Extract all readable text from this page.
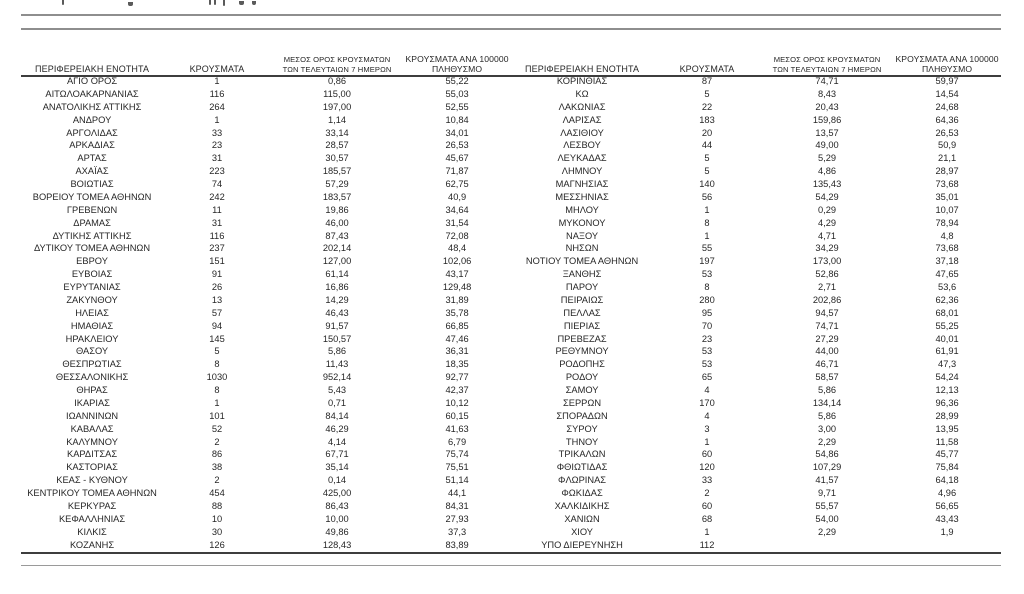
ΠΕΡΙΦΕΡΕΙΑΚΗ ΕΝΟΤΗΤΑ	ΚΡΟΥΣΜΑΤΑ
ΜΕΣΟΣ ΟΡΟΣ ΚΡΟΥΣΜΑΤΩΝ
ΤΩΝ ΤΕΛΕΥΤΑΙΩΝ 7 ΗΜΕΡΩΝ
ΚΡΟΥΣΜΑΤΑ ΑΝΑ 100000
ΠΛΗΘΥΣΜΟ
ΑΓΙΟ ΟΡΟΣ	1	0,86	55,22
ΑΙΤΩΛΟΑΚΑΡΝΑΝΙΑΣ	116	115,00	55,03
ΑΝΑΤΟΛΙΚΗΣ ΑΤΤΙΚΗΣ	264	197,00	52,55
ΑΝΔΡΟΥ	1	1,14	10,84
ΑΡΓΟΛΙΔΑΣ	33	33,14	34,01
ΑΡΚΑΔΙΑΣ	23	28,57	26,53
ΑΡΤΑΣ	31	30,57	45,67
ΑΧΑΪΑΣ	223	185,57	71,87
ΒΟΙΩΤΙΑΣ	74	57,29	62,75
ΒΟΡΕΙΟΥ ΤΟΜΕΑ ΑΘΗΝΩΝ	242	183,57	40,9
ΓΡΕΒΕΝΩΝ	11	19,86	34,64
ΔΡΑΜΑΣ	31	46,00	31,54
ΔΥΤΙΚΗΣ ΑΤΤΙΚΗΣ	116	87,43	72,08
ΔΥΤΙΚΟΥ ΤΟΜΕΑ ΑΘΗΝΩΝ	237	202,14	48,4
ΕΒΡΟΥ	151	127,00	102,06
ΕΥΒΟΙΑΣ	91	61,14	43,17
ΕΥΡΥΤΑΝΙΑΣ	26	16,86	129,48
ΖΑΚΥΝΘΟΥ	13	14,29	31,89
ΗΛΕΙΑΣ	57	46,43	35,78
ΗΜΑΘΙΑΣ	94	91,57	66,85
ΗΡΑΚΛΕΙΟΥ	145	150,57	47,46
ΘΑΣΟΥ	5	5,86	36,31
ΘΕΣΠΡΩΤΙΑΣ	8	11,43	18,35
ΘΕΣΣΑΛΟΝΙΚΗΣ	1030	952,14	92,77
ΘΗΡΑΣ	8	5,43	42,37
ΙΚΑΡΙΑΣ	1	0,71	10,12
ΙΩΑΝΝΙΝΩΝ	101	84,14	60,15
ΚΑΒΑΛΑΣ	52	46,29	41,63
ΚΑΛΥΜΝΟΥ	2	4,14	6,79
ΚΑΡΔΙΤΣΑΣ	86	67,71	75,74
ΚΑΣΤΟΡΙΑΣ	38	35,14	75,51
ΚΕΑΣ - ΚΥΘΝΟΥ	2	0,14	51,14
ΚΕΝΤΡΙΚΟΥ ΤΟΜΕΑ ΑΘΗΝΩΝ	454	425,00	44,1
ΚΕΡΚΥΡΑΣ	88	86,43	84,31
ΚΕΦΑΛΛΗΝΙΑΣ	10	10,00	27,93
ΚΙΛΚΙΣ	30	49,86	37,3
ΚΟΖΑΝΗΣ	126	128,43	83,89
ΠΕΡΙΦΕΡΕΙΑΚΗ ΕΝΟΤΗΤΑ	ΚΡΟΥΣΜΑΤΑ
ΜΕΣΟΣ ΟΡΟΣ ΚΡΟΥΣΜΑΤΩΝ
ΤΩΝ ΤΕΛΕΥΤΑΙΩΝ 7 ΗΜΕΡΩΝ
ΚΡΟΥΣΜΑΤΑ ΑΝΑ 100000
ΠΛΗΘΥΣΜΟ
ΚΟΡΙΝΘΙΑΣ	87	74,71	59,97
ΚΩ	5	8,43	14,54
ΛΑΚΩΝΙΑΣ	22	20,43	24,68
ΛΑΡΙΣΑΣ	183	159,86	64,36
ΛΑΣΙΘΙΟΥ	20	13,57	26,53
ΛΕΣΒΟΥ	44	49,00	50,9
ΛΕΥΚΑΔΑΣ	5	5,29	21,1
ΛΗΜΝΟΥ	5	4,86	28,97
ΜΑΓΝΗΣΙΑΣ	140	135,43	73,68
ΜΕΣΣΗΝΙΑΣ	56	54,29	35,01
ΜΗΛΟΥ	1	0,29	10,07
ΜΥΚΟΝΟΥ	8	4,29	78,94
ΝΑΞΟΥ	1	4,71	4,8
ΝΗΣΩΝ	55	34,29	73,68
ΝΟΤΙΟΥ ΤΟΜΕΑ ΑΘΗΝΩΝ	197	173,00	37,18
ΞΑΝΘΗΣ	53	52,86	47,65
ΠΑΡΟΥ	8	2,71	53,6
ΠΕΙΡΑΙΩΣ	280	202,86	62,36
ΠΕΛΛΑΣ	95	94,57	68,01
ΠΙΕΡΙΑΣ	70	74,71	55,25
ΠΡΕΒΕΖΑΣ	23	27,29	40,01
ΡΕΘΥΜΝΟΥ	53	44,00	61,91
ΡΟΔΟΠΗΣ	53	46,71	47,3
ΡΟΔΟΥ	65	58,57	54,24
ΣΑΜΟΥ	4	5,86	12,13
ΣΕΡΡΩΝ	170	134,14	96,36
ΣΠΟΡΑΔΩΝ	4	5,86	28,99
ΣΥΡΟΥ	3	3,00	13,95
ΤΗΝΟΥ	1	2,29	11,58
ΤΡΙΚΑΛΩΝ	60	54,86	45,77
ΦΘΙΩΤΙΔΑΣ	120	107,29	75,84
ΦΛΩΡΙΝΑΣ	33	41,57	64,18
ΦΩΚΙΔΑΣ	2	9,71	4,96
ΧΑΛΚΙΔΙΚΗΣ	60	55,57	56,65
ΧΑΝΙΩΝ	68	54,00	43,43
ΧΙΟΥ	1	2,29	1,9
ΥΠΟ ΔΙΕΡΕΥΝΗΣΗ	112
